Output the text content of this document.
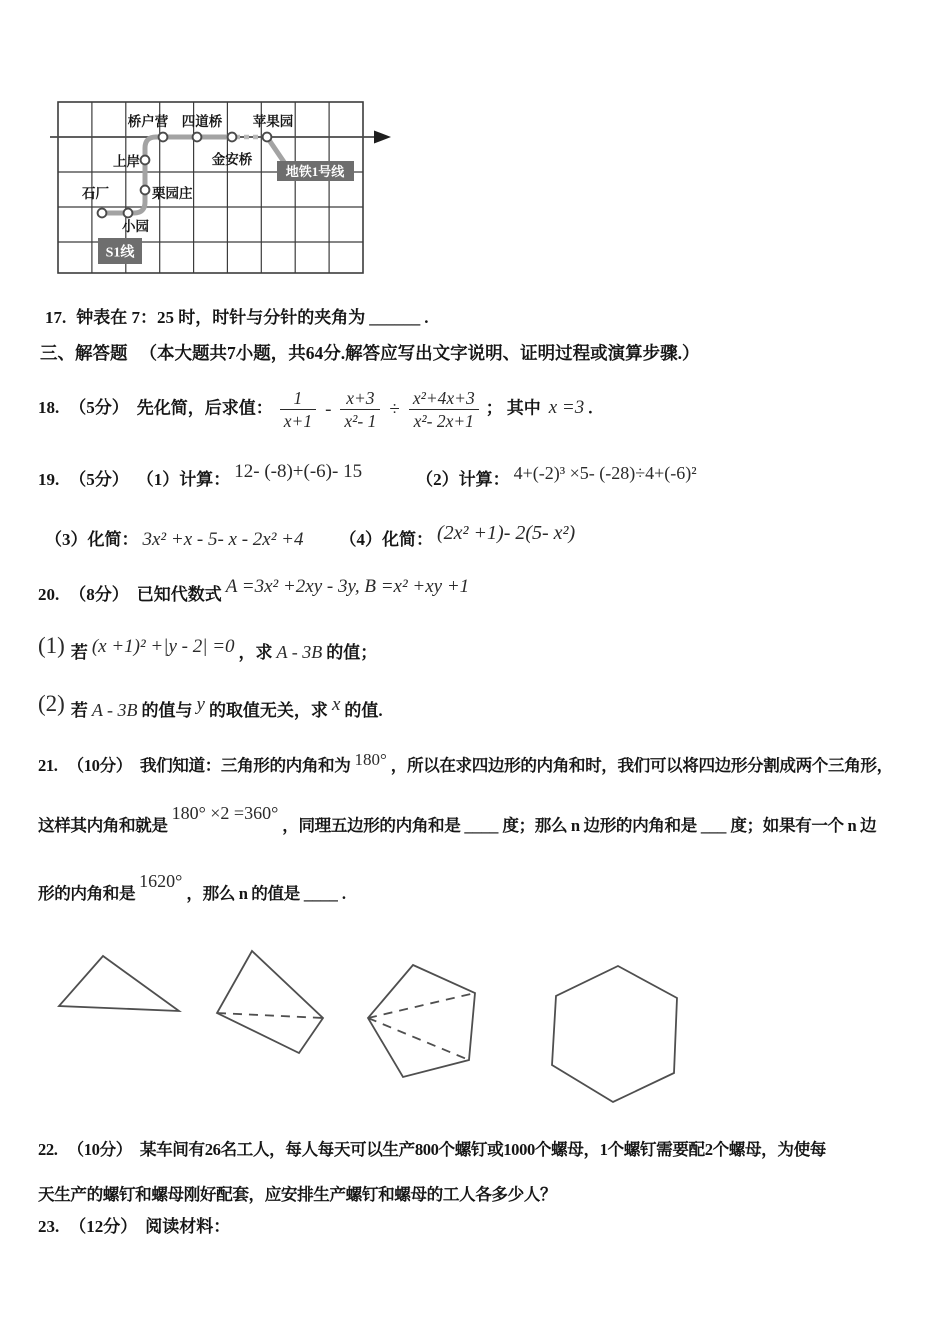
桥户营 四道桥 苹果园
金安桥
上岸
石厂	栗园庄
小园
S1线
地铁1号线
17. 钟表在 7：25 时，时针与分针的夹角为 ______ .
三、解答题 （本大题共7小题，共64分.解答应写出文字说明、证明过程或演算步骤.）
18. （5分） 先化简，后求值： $\frac{1}{x+1} - \frac{x+3}{\text{x²- 1}} \div \frac{\text{x²+4x+3}}{\text{x²- 2x+1}}$ ； 其中 x =3 .
19. （5分） （1）计算： 12- (-8)+(-6)- 15	（2）计算： 4+(-2)³ ×5- (-28)÷4+(-6)²
（3）化简： 3x² +x - 5- x - 2x² +4 （4）化简： (2x² +1)- 2(5- x²)
20. （8分） 已知代数式 A =3x² +2xy - 3y, B =x² +xy +1
(1) 若 (x +1)² +|y - 2| =0 ，求 A - 3B 的值；
(2) 若 A - 3B 的值与 y 的取值无关，求 x 的值.
21. （10分） 我们知道：三角形的内角和为 180° ，所以在求四边形的内角和时，我们可以将四边形分割成两个三角形，
这样其内角和就是 180° ×2 =360° ，同理五边形的内角和是 ____ 度；那么 n 边形的内角和是 ___ 度；如果有一个 n 边
形的内角和是 1620° ，那么 n 的值是 ____ .
22. （10分） 某车间有26名工人，每人每天可以生产800个螺钉或1000个螺母，1个螺钉需要配2个螺母，为使每
天生产的螺钉和螺母刚好配套，应安排生产螺钉和螺母的工人各多少人？
23. （12分） 阅读材料：
